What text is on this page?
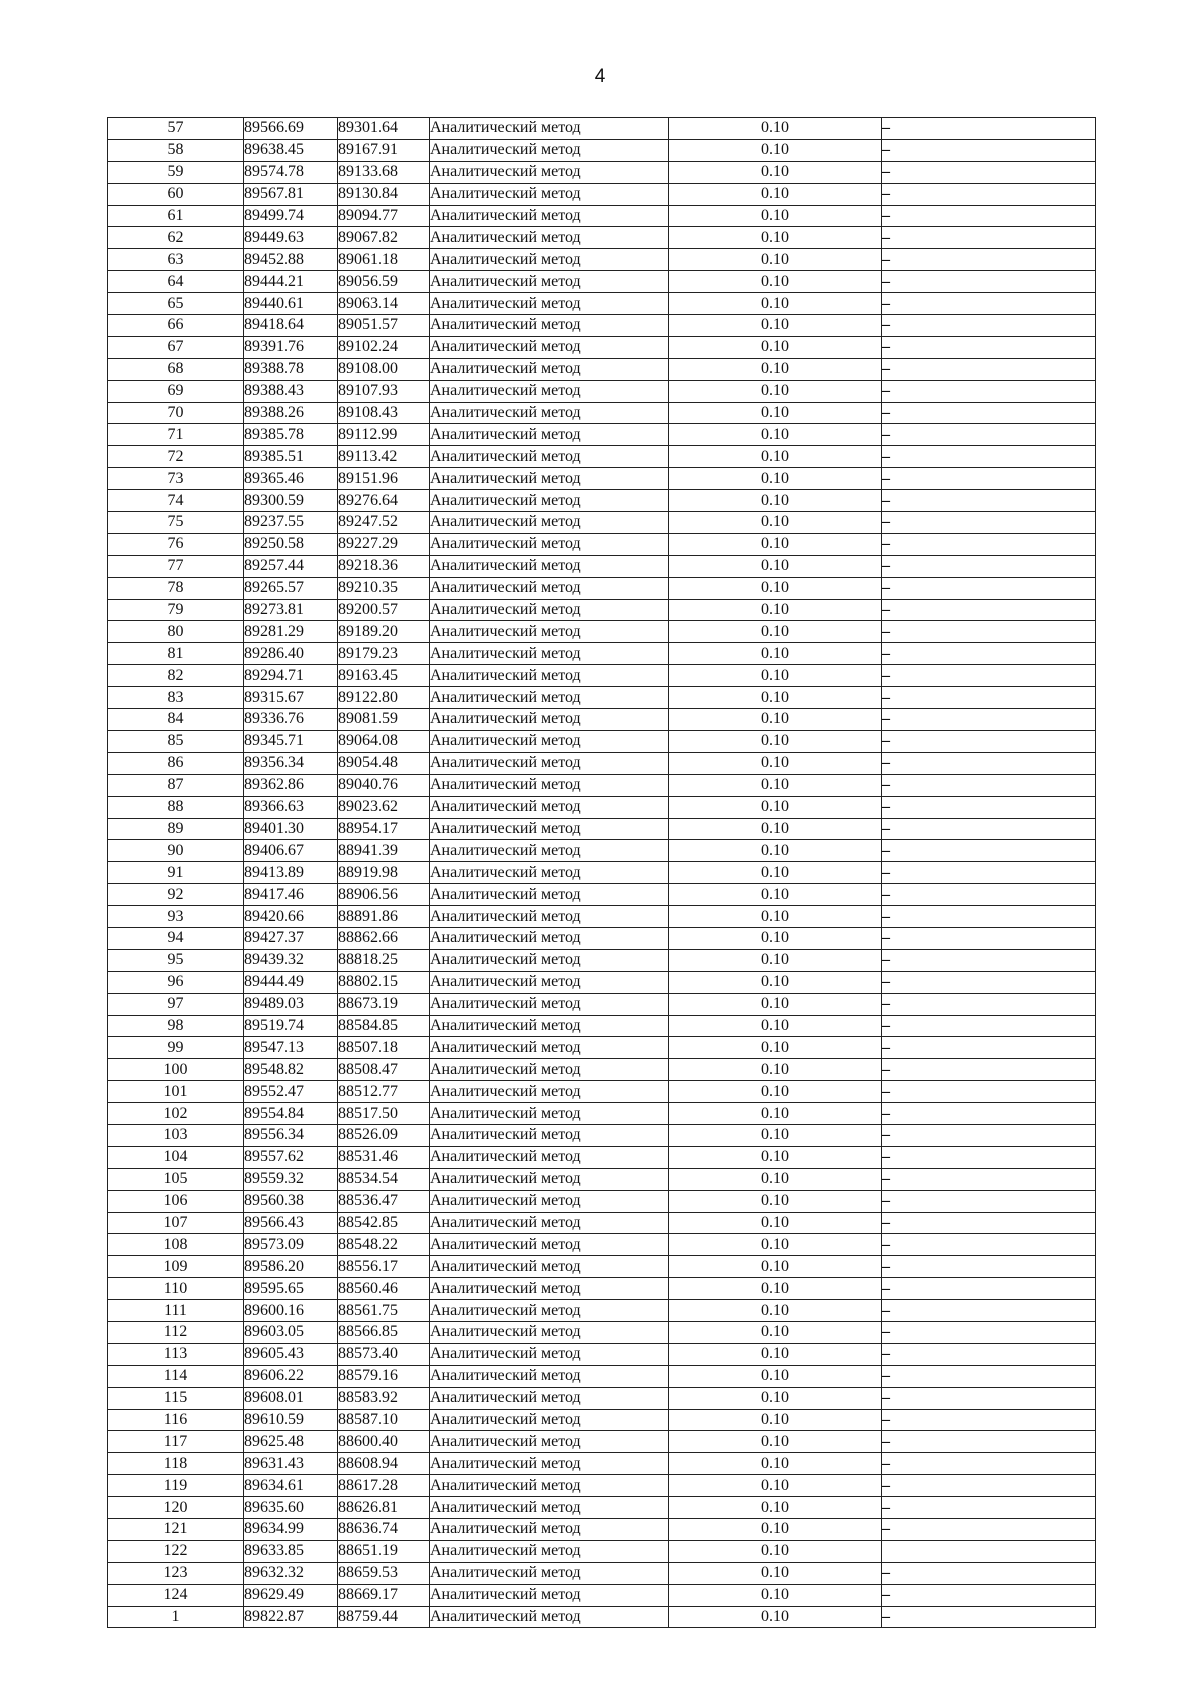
4
57	89566.69	89301.64	Аналитический метод	0.10	–
58	89638.45	89167.91	Аналитический метод	0.10	–
59	89574.78	89133.68	Аналитический метод	0.10	–
60	89567.81	89130.84	Аналитический метод	0.10	–
61	89499.74	89094.77	Аналитический метод	0.10	–
62	89449.63	89067.82	Аналитический метод	0.10	–
63	89452.88	89061.18	Аналитический метод	0.10	–
64	89444.21	89056.59	Аналитический метод	0.10	–
65	89440.61	89063.14	Аналитический метод	0.10	–
66	89418.64	89051.57	Аналитический метод	0.10	–
67	89391.76	89102.24	Аналитический метод	0.10	–
68	89388.78	89108.00	Аналитический метод	0.10	–
69	89388.43	89107.93	Аналитический метод	0.10	–
70	89388.26	89108.43	Аналитический метод	0.10	–
71	89385.78	89112.99	Аналитический метод	0.10	–
72	89385.51	89113.42	Аналитический метод	0.10	–
73	89365.46	89151.96	Аналитический метод	0.10	–
74	89300.59	89276.64	Аналитический метод	0.10	–
75	89237.55	89247.52	Аналитический метод	0.10	–
76	89250.58	89227.29	Аналитический метод	0.10	–
77	89257.44	89218.36	Аналитический метод	0.10	–
78	89265.57	89210.35	Аналитический метод	0.10	–
79	89273.81	89200.57	Аналитический метод	0.10	–
80	89281.29	89189.20	Аналитический метод	0.10	–
81	89286.40	89179.23	Аналитический метод	0.10	–
82	89294.71	89163.45	Аналитический метод	0.10	–
83	89315.67	89122.80	Аналитический метод	0.10	–
84	89336.76	89081.59	Аналитический метод	0.10	–
85	89345.71	89064.08	Аналитический метод	0.10	–
86	89356.34	89054.48	Аналитический метод	0.10	–
87	89362.86	89040.76	Аналитический метод	0.10	–
88	89366.63	89023.62	Аналитический метод	0.10	–
89	89401.30	88954.17	Аналитический метод	0.10	–
90	89406.67	88941.39	Аналитический метод	0.10	–
91	89413.89	88919.98	Аналитический метод	0.10	–
92	89417.46	88906.56	Аналитический метод	0.10	–
93	89420.66	88891.86	Аналитический метод	0.10	–
94	89427.37	88862.66	Аналитический метод	0.10	–
95	89439.32	88818.25	Аналитический метод	0.10	–
96	89444.49	88802.15	Аналитический метод	0.10	–
97	89489.03	88673.19	Аналитический метод	0.10	–
98	89519.74	88584.85	Аналитический метод	0.10	–
99	89547.13	88507.18	Аналитический метод	0.10	–
100	89548.82	88508.47	Аналитический метод	0.10	–
101	89552.47	88512.77	Аналитический метод	0.10	–
102	89554.84	88517.50	Аналитический метод	0.10	–
103	89556.34	88526.09	Аналитический метод	0.10	–
104	89557.62	88531.46	Аналитический метод	0.10	–
105	89559.32	88534.54	Аналитический метод	0.10	–
106	89560.38	88536.47	Аналитический метод	0.10	–
107	89566.43	88542.85	Аналитический метод	0.10	–
108	89573.09	88548.22	Аналитический метод	0.10	–
109	89586.20	88556.17	Аналитический метод	0.10	–
110	89595.65	88560.46	Аналитический метод	0.10	–
111	89600.16	88561.75	Аналитический метод	0.10	–
112	89603.05	88566.85	Аналитический метод	0.10	–
113	89605.43	88573.40	Аналитический метод	0.10	–
114	89606.22	88579.16	Аналитический метод	0.10	–
115	89608.01	88583.92	Аналитический метод	0.10	–
116	89610.59	88587.10	Аналитический метод	0.10	–
117	89625.48	88600.40	Аналитический метод	0.10	–
118	89631.43	88608.94	Аналитический метод	0.10	–
119	89634.61	88617.28	Аналитический метод	0.10	–
120	89635.60	88626.81	Аналитический метод	0.10	–
121	89634.99	88636.74	Аналитический метод	0.10	–
122	89633.85	88651.19	Аналитический метод	0.10	
123	89632.32	88659.53	Аналитический метод	0.10	–
124	89629.49	88669.17	Аналитический метод	0.10	–
1	89822.87	88759.44	Аналитический метод	0.10	–
